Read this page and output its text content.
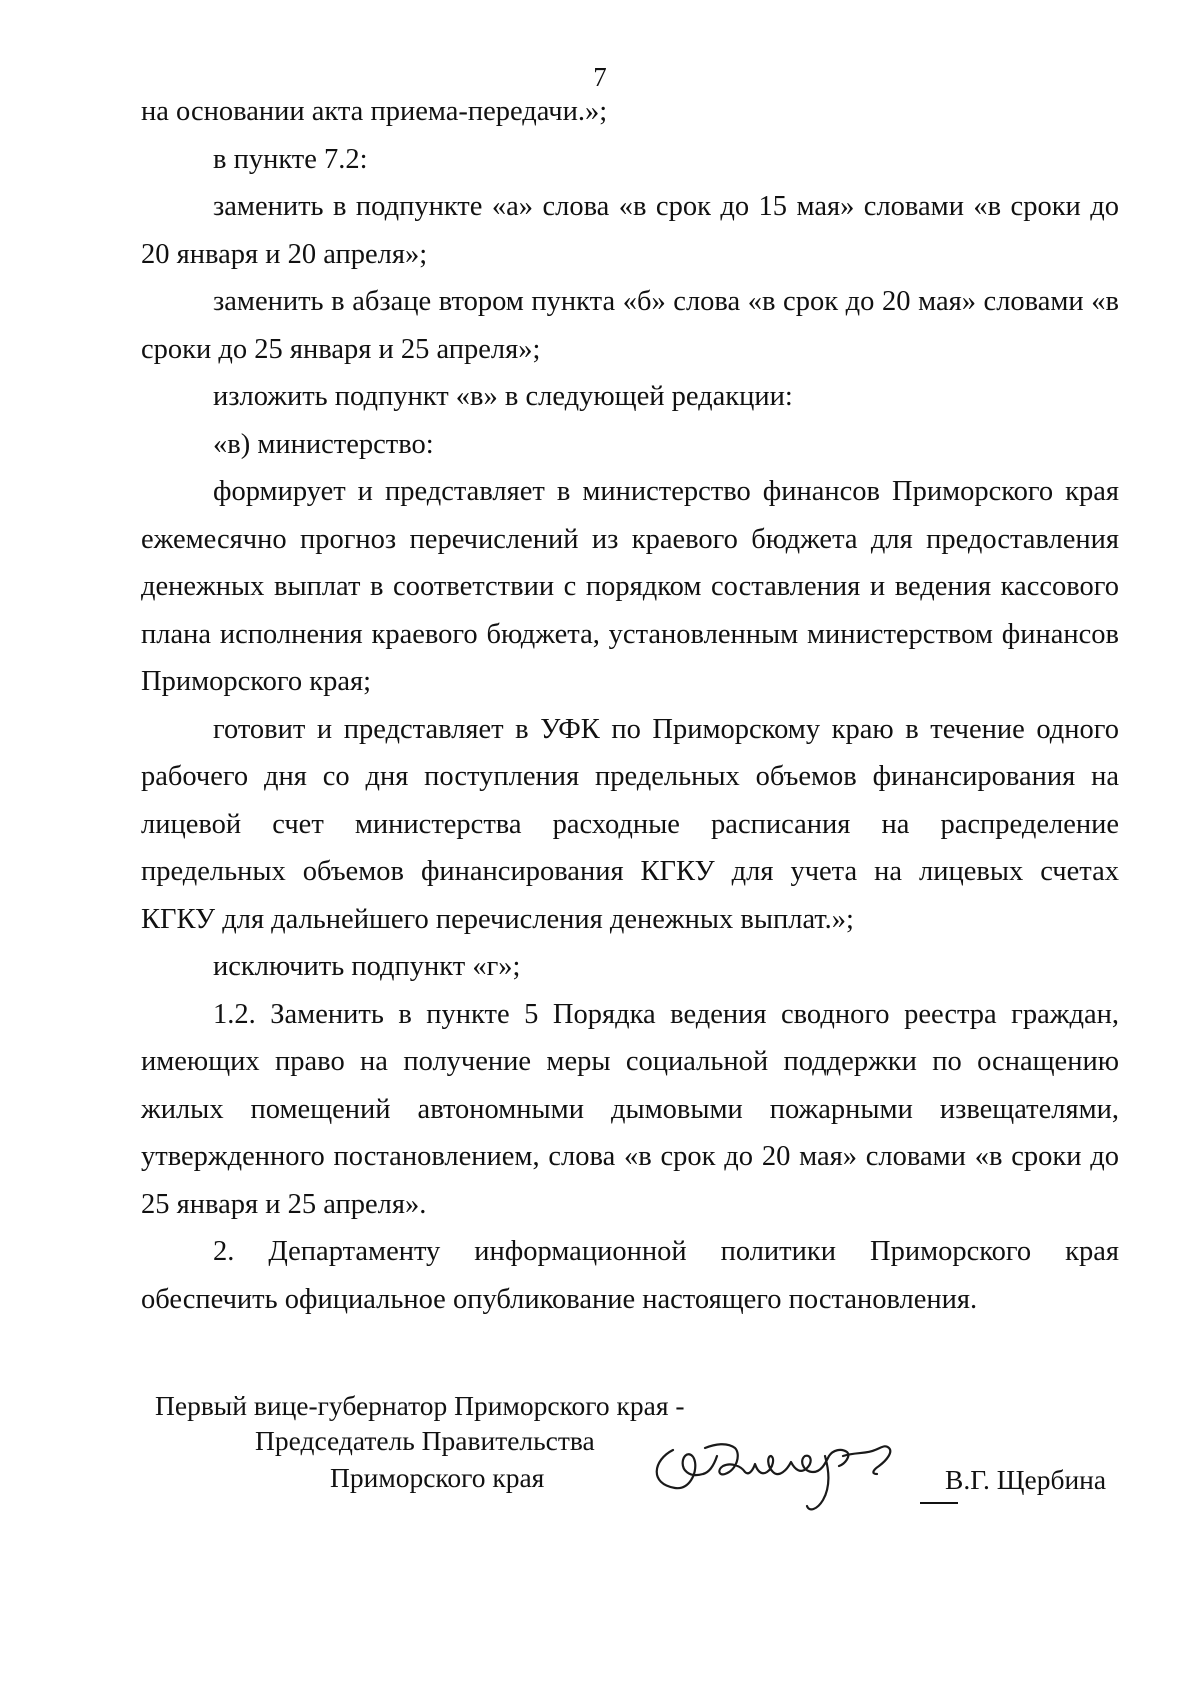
7

на основании акта приема-передачи.»;

в пункте 7.2:

заменить в подпункте «а» слова «в срок до 15 мая» словами «в сроки до 20 января и 20 апреля»;

заменить в абзаце втором пункта «б» слова «в срок до 20 мая» словами «в сроки до 25 января и 25 апреля»;

изложить подпункт «в» в следующей редакции:

«в) министерство:

формирует и представляет в министерство финансов Приморского края ежемесячно прогноз перечислений из краевого бюджета для предоставления денежных выплат в соответствии с порядком составления и ведения кассового плана исполнения краевого бюджета, установленным министерством финансов Приморского края;

готовит и представляет в УФК по Приморскому краю в течение одного рабочего дня со дня поступления предельных объемов финансирования на лицевой счет министерства расходные расписания на распределение предельных объемов финансирования КГКУ для учета на лицевых счетах КГКУ для дальнейшего перечисления денежных выплат.»;

исключить подпункт «г»;

1.2. Заменить в пункте 5 Порядка ведения сводного реестра граждан, имеющих право на получение меры социальной поддержки по оснащению жилых помещений автономными дымовыми пожарными извещателями, утвержденного постановлением, слова «в срок до 20 мая» словами «в сроки до 25 января и 25 апреля».

2. Департаменту информационной политики Приморского края обеспечить официальное опубликование настоящего постановления.

Первый вице-губернатор Приморского края -
Председатель Правительства
Приморского края	В.Г. Щербина
